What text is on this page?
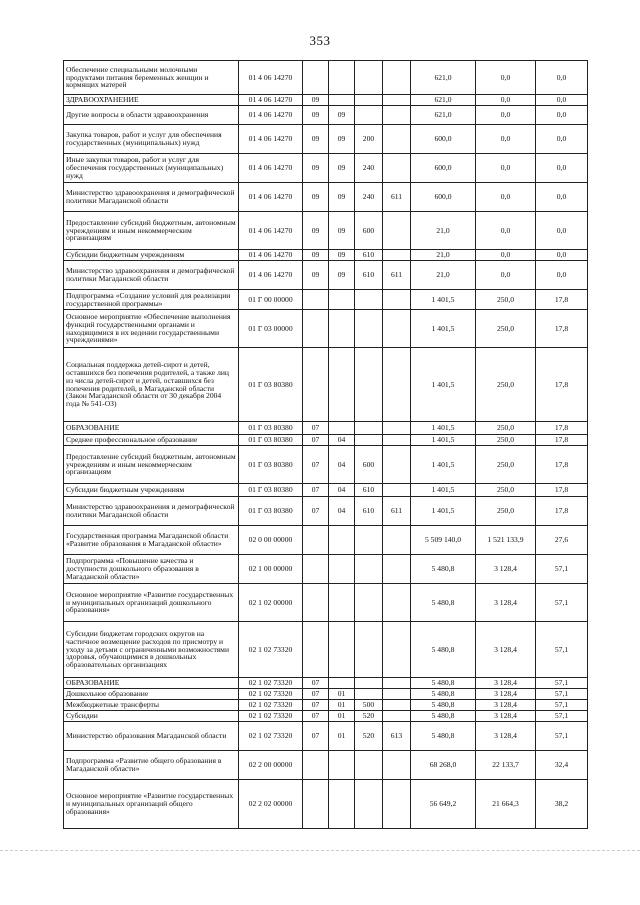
353
Обеспечение специальными молочными продуктами питания беременных женщин и кормящих матерей	01 4 06 14270					621,0	0,0	0,0
ЗДРАВООХРАНЕНИЕ	01 4 06 14270	09				621,0	0,0	0,0
Другие вопросы в области здравоохранения	01 4 06 14270	09	09			621,0	0,0	0,0
Закупка товаров, работ и услуг для обеспечения государственных (муниципальных) нужд	01 4 06 14270	09	09	200		600,0	0,0	0,0
Иные закупки товаров, работ и услуг для обеспечения государственных (муниципальных) нужд	01 4 06 14270	09	09	240		600,0	0,0	0,0
Министерство здравоохранения и демографической политики Магаданской области	01 4 06 14270	09	09	240	611	600,0	0,0	0,0
Предоставление субсидий бюджетным, автономным учреждениям и иным некоммерческим организациям	01 4 06 14270	09	09	600		21,0	0,0	0,0
Субсидии бюджетным учреждениям	01 4 06 14270	09	09	610		21,0	0,0	0,0
Министерство здравоохранения и демографической политики Магаданской области	01 4 06 14270	09	09	610	611	21,0	0,0	0,0
Подпрограмма «Создание условий для реализации государственной программы»	01 Г 00 00000					1 401,5	250,0	17,8
Основное мероприятие «Обеспечение выполнения функций государственными органами и находящимися в их ведении государственными учреждениями»	01 Г 03 00000					1 401,5	250,0	17,8
Социальная поддержка детей-сирот и детей, оставшихся без попечения родителей, а также лиц из числа детей-сирот и детей, оставшихся без попечения родителей, в Магаданской области (Закон Магаданской области от 30 декабря 2004 года № 541-ОЗ)	01 Г 03 80380					1 401,5	250,0	17,8
ОБРАЗОВАНИЕ	01 Г 03 80380	07				1 401,5	250,0	17,8
Среднее профессиональное образование	01 Г 03 80380	07	04			1 401,5	250,0	17,8
Предоставление субсидий бюджетным, автономным учреждениям и иным некоммерческим организациям	01 Г 03 80380	07	04	600		1 401,5	250,0	17,8
Субсидии бюджетным учреждениям	01 Г 03 80380	07	04	610		1 401,5	250,0	17,8
Министерство здравоохранения и демографической политики Магаданской области	01 Г 03 80380	07	04	610	611	1 401,5	250,0	17,8
Государственная программа Магаданской области «Развитие образования в Магаданской области»	02 0 00 00000					5 509 140,0	1 521 133,9	27,6
Подпрограмма «Повышение качества и доступности дошкольного образования в Магаданской области»	02 1 00 00000					5 480,8	3 128,4	57,1
Основное мероприятие «Развитие государственных и муниципальных организаций дошкольного образования»	02 1 02 00000					5 480,8	3 128,4	57,1
Субсидии бюджетам городских округов на частичное возмещение расходов по присмотру и уходу за детьми с ограниченными возможностями здоровья, обучающимися в дошкольных образовательных организациях	02 1 02 73320					5 480,8	3 128,4	57,1
ОБРАЗОВАНИЕ	02 1 02 73320	07				5 480,8	3 128,4	57,1
Дошкольное образование	02 1 02 73320	07	01			5 480,8	3 128,4	57,1
Межбюджетные трансферты	02 1 02 73320	07	01	500		5 480,8	3 128,4	57,1
Субсидии	02 1 02 73320	07	01	520		5 480,8	3 128,4	57,1
Министерство образования Магаданской области	02 1 02 73320	07	01	520	613	5 480,8	3 128,4	57,1
Подпрограмма «Развитие общего образования в Магаданской области»	02 2 00 00000					68 268,0	22 133,7	32,4
Основное мероприятие «Развитие государственных и муниципальных организаций общего образования»	02 2 02 00000					56 649,2	21 664,3	38,2
